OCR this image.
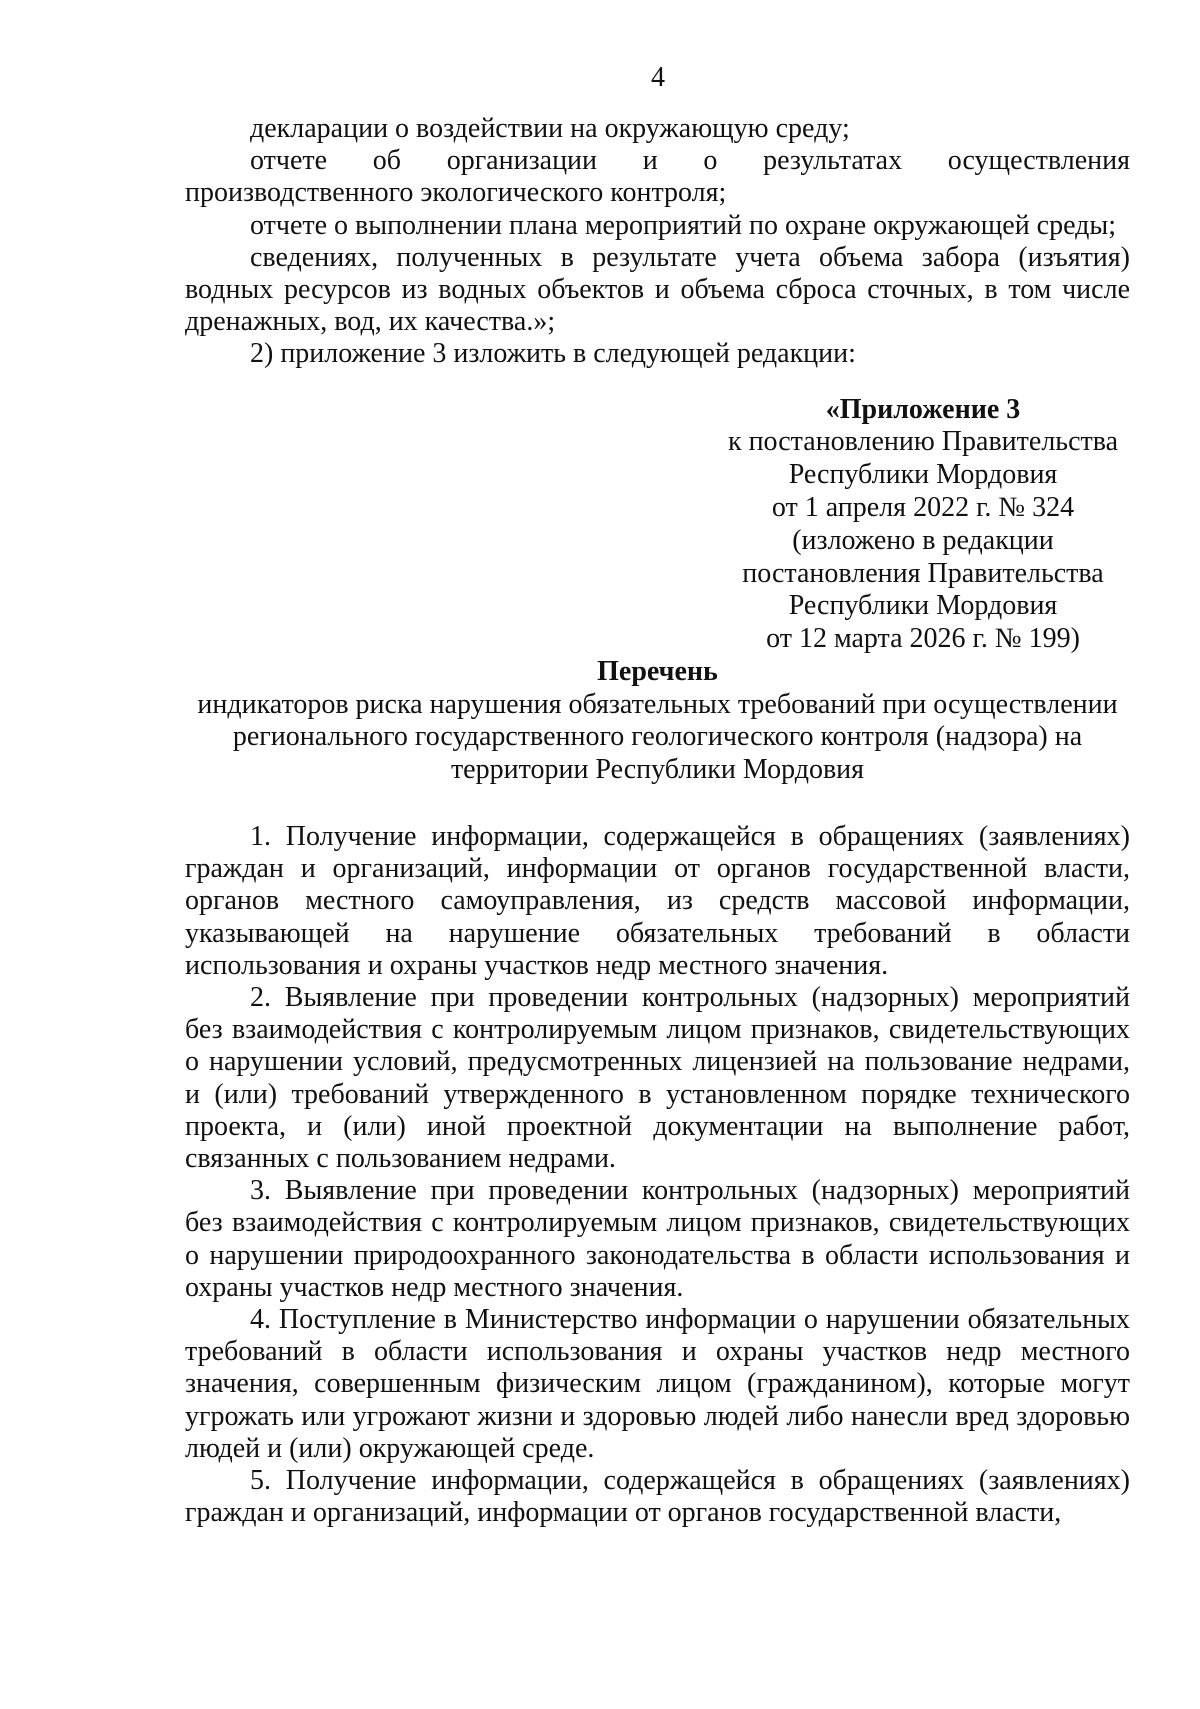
4

декларации о воздействии на окружающую среду;

отчете об организации и о результатах осуществления производственного экологического контроля;

отчете о выполнении плана мероприятий по охране окружающей среды;

сведениях, полученных в результате учета объема забора (изъятия) водных ресурсов из водных объектов и объема сброса сточных, в том числе дренажных, вод, их качества.»;

2) приложение 3 изложить в следующей редакции:

«Приложение 3
к постановлению Правительства
Республики Мордовия
от 1 апреля 2022 г. № 324
(изложено в редакции
постановления Правительства
Республики Мордовия
от 12 марта 2026 г. № 199)
Перечень
индикаторов риска нарушения обязательных требований при осуществлении
регионального государственного геологического контроля (надзора) на
территории Республики Мордовия

1. Получение информации, содержащейся в обращениях (заявлениях) граждан и организаций, информации от органов государственной власти, органов местного самоуправления, из средств массовой информации, указывающей на нарушение обязательных требований в области использования и охраны участков недр местного значения.

2. Выявление при проведении контрольных (надзорных) мероприятий без взаимодействия с контролируемым лицом признаков, свидетельствующих о нарушении условий, предусмотренных лицензией на пользование недрами, и (или) требований утвержденного в установленном порядке технического проекта, и (или) иной проектной документации на выполнение работ, связанных с пользованием недрами.

3. Выявление при проведении контрольных (надзорных) мероприятий без взаимодействия с контролируемым лицом признаков, свидетельствующих о нарушении природоохранного законодательства в области использования и охраны участков недр местного значения.

4. Поступление в Министерство информации о нарушении обязательных требований в области использования и охраны участков недр местного значения, совершенным физическим лицом (гражданином), которые могут угрожать или угрожают жизни и здоровью людей либо нанесли вред здоровью людей и (или) окружающей среде.

5. Получение информации, содержащейся в обращениях (заявлениях) граждан и организаций, информации от органов государственной власти,
